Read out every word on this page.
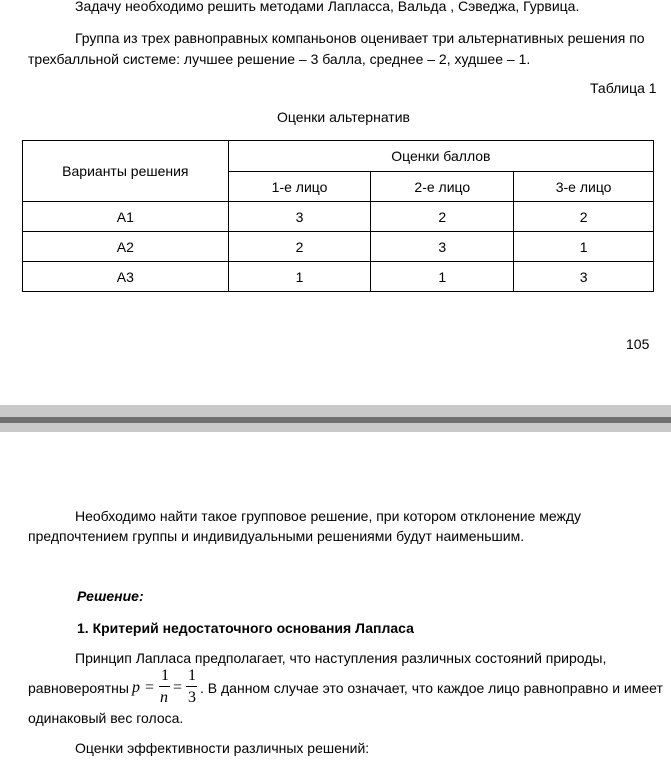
Задачу необходимо решить методами Лапласса, Вальда , Сэведжа, Гурвица.
Группа из трех равноправных компаньонов оценивает три альтернативных решения по
трехбалльной системе: лучшее решение – 3 балла, среднее – 2, худшее – 1.
Таблица 1
Оценки альтернатив
Варианты решения	Оценки баллов		
	1-е лицо	2-е лицо	3-е лицо
А1	3	2	2
А2	2	3	1
А3	1	1	3
105
Необходимо найти такое групповое решение, при котором отклонение между
предпочтением группы и индивидуальными решениями будут наименьшим.
Решение:
1. Критерий недостаточного основания Лапласа
Принцип Лапласа предполагает, что наступления различных состояний природы,
равновероятны p =
1
n
=
1
3
. В данном случае это означает, что каждое лицо равноправно и имеет
одинаковый вес голоса.
Оценки эффективности различных решений:
